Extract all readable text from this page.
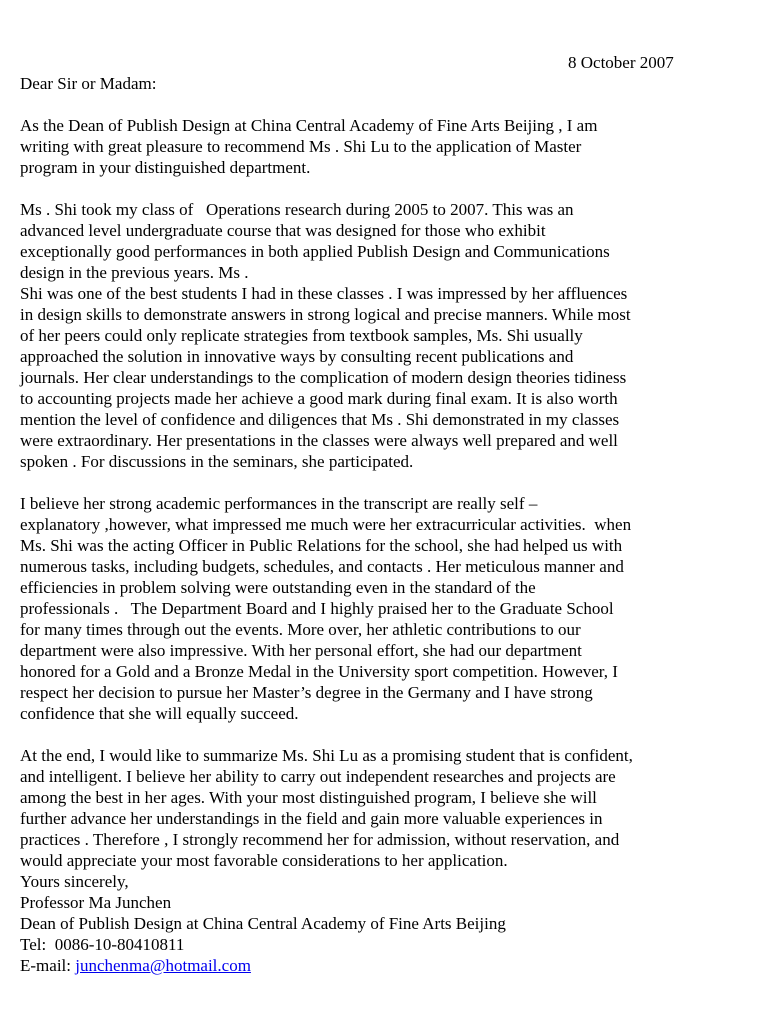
8 October 2007
Dear Sir or Madam:
As the Dean of Publish Design at China Central Academy of Fine Arts Beijing , I am
writing with great pleasure to recommend Ms . Shi Lu to the application of Master
program in your distinguished department.
Ms . Shi took my class of   Operations research during 2005 to 2007. This was an
advanced level undergraduate course that was designed for those who exhibit
exceptionally good performances in both applied Publish Design and Communications
design in the previous years. Ms .
Shi was one of the best students I had in these classes . I was impressed by her affluences
in design skills to demonstrate answers in strong logical and precise manners. While most
of her peers could only replicate strategies from textbook samples, Ms. Shi usually
approached the solution in innovative ways by consulting recent publications and
journals. Her clear understandings to the complication of modern design theories tidiness
to accounting projects made her achieve a good mark during final exam. It is also worth
mention the level of confidence and diligences that Ms . Shi demonstrated in my classes
were extraordinary. Her presentations in the classes were always well prepared and well
spoken . For discussions in the seminars, she participated.
I believe her strong academic performances in the transcript are really self –
explanatory ,however, what impressed me much were her extracurricular activities.  when
Ms. Shi was the acting Officer in Public Relations for the school, she had helped us with
numerous tasks, including budgets, schedules, and contacts . Her meticulous manner and
efficiencies in problem solving were outstanding even in the standard of the
professionals .   The Department Board and I highly praised her to the Graduate School
for many times through out the events. More over, her athletic contributions to our
department were also impressive. With her personal effort, she had our department
honored for a Gold and a Bronze Medal in the University sport competition. However, I
respect her decision to pursue her Master’s degree in the Germany and I have strong
confidence that she will equally succeed.
At the end, I would like to summarize Ms. Shi Lu as a promising student that is confident,
and intelligent. I believe her ability to carry out independent researches and projects are
among the best in her ages. With your most distinguished program, I believe she will
further advance her understandings in the field and gain more valuable experiences in
practices . Therefore , I strongly recommend her for admission, without reservation, and
would appreciate your most favorable considerations to her application.
Yours sincerely,
Professor Ma Junchen
Dean of Publish Design at China Central Academy of Fine Arts Beijing
Tel:  0086-10-80410811
E-mail: junchenma@hotmail.com
